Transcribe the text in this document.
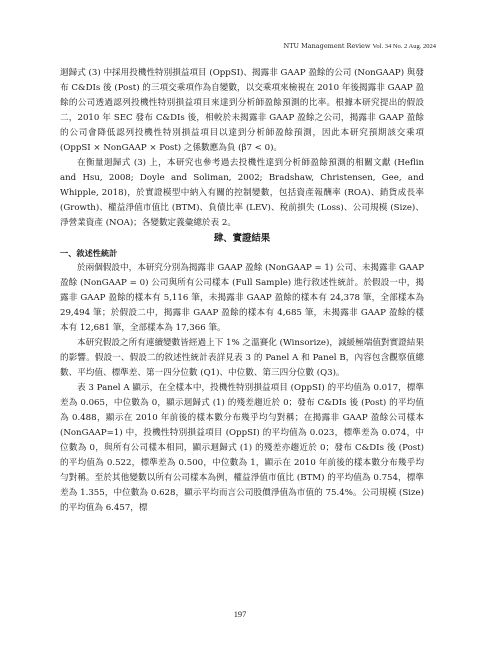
NTU Management Review Vol. 34 No. 2 Aug. 2024

迴歸式 (3) 中採用投機性特別損益項目 (OppSI)、揭露非 GAAP 盈餘的公司 (NonGAAP) 與發布 C&DIs 後 (Post) 的三項交乘項作為自變數，以交乘項來檢視在 2010 年後揭露非 GAAP 盈餘的公司透過認列投機性特別損益項目來達到分析師盈餘預測的比率。根據本研究提出的假設二，2010 年 SEC 發布 C&DIs 後，相較於未揭露非 GAAP 盈餘之公司，揭露非 GAAP 盈餘的公司會降低認列投機性特別損益項目以達到分析師盈餘預測，因此本研究預期該交乘項 (OppSI × NonGAAP × Post) 之係數應為負 (β7 < 0)。

在衡量迴歸式 (3) 上，本研究也參考過去投機性達到分析師盈餘預測的相關文獻 (Heflin and Hsu, 2008; Doyle and Soliman, 2002; Bradshaw, Christensen, Gee, and Whipple, 2018)，於實證模型中納入有關的控制變數，包括資產報酬率 (ROA)、銷貨成長率 (Growth)、權益淨值市值比 (BTM)、負債比率 (LEV)、稅前損失 (Loss)、公司規模 (Size)、淨營業資產 (NOA)；各變數定義彙總於表 2。

肆、實證結果

一、敘述性統計

於兩個假設中，本研究分別為揭露非 GAAP 盈餘 (NonGAAP = 1) 公司、未揭露非 GAAP 盈餘 (NonGAAP = 0) 公司與所有公司樣本 (Full Sample) 進行敘述性統計。於假設一中，揭露非 GAAP 盈餘的樣本有 5,116 筆，未揭露非 GAAP 盈餘的樣本有 24,378 筆，全部樣本為 29,494 筆；於假設二中，揭露非 GAAP 盈餘的樣本有 4,685 筆，未揭露非 GAAP 盈餘的樣本有 12,681 筆，全部樣本為 17,366 筆。

本研究假設之所有連續變數皆經過上下 1% 之溫賽化 (Winsorize)，減緩極端值對實證結果的影響。假設一、假設二的敘述性統計表詳見表 3 的 Panel A 和 Panel B，內容包含觀察值總數、平均值、標準差、第一四分位數 (Q1)、中位數、第三四分位數 (Q3)。

表 3 Panel A 顯示，在全樣本中，投機性特別損益項目 (OppSI) 的平均值為 0.017，標準差為 0.065，中位數為 0，顯示迴歸式 (1) 的殘差趨近於 0；發布 C&DIs 後 (Post) 的平均值為 0.488，顯示在 2010 年前後的樣本數分布幾乎均勻對稱；在揭露非 GAAP 盈餘公司樣本 (NonGAAP=1) 中，投機性特別損益項目 (OppSI) 的平均值為 0.023，標準差為 0.074，中位數為 0，與所有公司樣本相同，顯示迴歸式 (1) 的殘差亦趨近於 0；發布 C&DIs 後 (Post) 的平均值為 0.522，標準差為 0.500，中位數為 1，顯示在 2010 年前後的樣本數分布幾乎均勻對稱。至於其他變數以所有公司樣本為例，權益淨值市值比 (BTM) 的平均值為 0.754，標準差為 1.355，中位數為 0.628，顯示平均而言公司股價淨值為市值的 75.4%。公司規模 (Size) 的平均值為 6.457，標

197
